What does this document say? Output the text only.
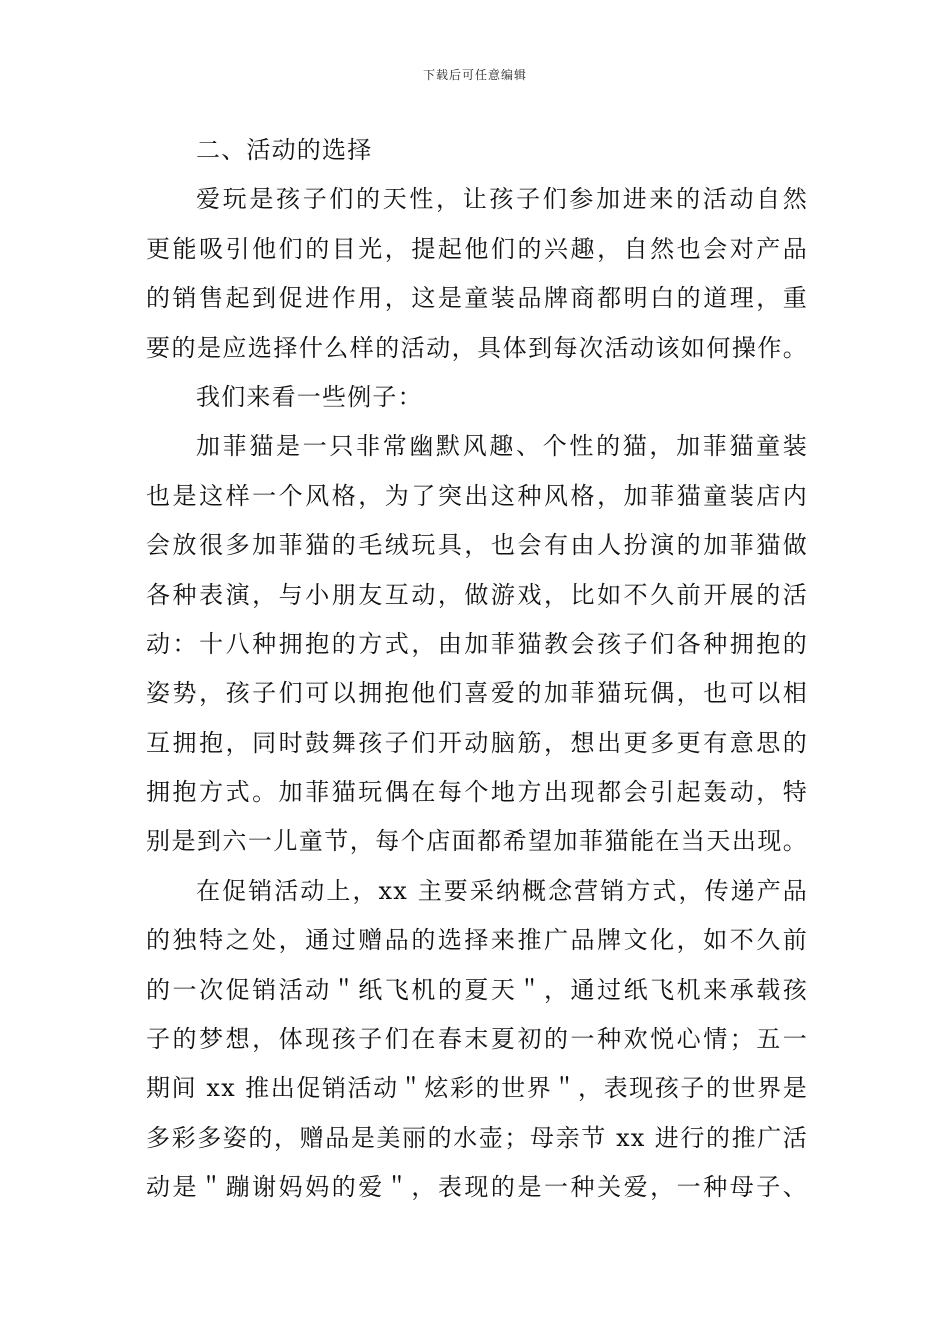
下载后可任意编辑
二、活动的选择
爱玩是孩子们的天性，让孩子们参加进来的活动自然
更能吸引他们的目光，提起他们的兴趣，自然也会对产品
的销售起到促进作用，这是童装品牌商都明白的道理，重
要的是应选择什么样的活动，具体到每次活动该如何操作。
我们来看一些例子：
加菲猫是一只非常幽默风趣、个性的猫，加菲猫童装
也是这样一个风格，为了突出这种风格，加菲猫童装店内
会放很多加菲猫的毛绒玩具，也会有由人扮演的加菲猫做
各种表演，与小朋友互动，做游戏，比如不久前开展的活
动：十八种拥抱的方式，由加菲猫教会孩子们各种拥抱的
姿势，孩子们可以拥抱他们喜爱的加菲猫玩偶，也可以相
互拥抱，同时鼓舞孩子们开动脑筋，想出更多更有意思的
拥抱方式。加菲猫玩偶在每个地方出现都会引起轰动，特
别是到六一儿童节，每个店面都希望加菲猫能在当天出现。
在促销活动上，xx 主要采纳概念营销方式，传递产品
的独特之处，通过赠品的选择来推广品牌文化，如不久前
的一次促销活动＂纸飞机的夏天＂，通过纸飞机来承载孩
子的梦想，体现孩子们在春末夏初的一种欢悦心情；五一
期间 xx 推出促销活动＂炫彩的世界＂，表现孩子的世界是
多彩多姿的，赠品是美丽的水壶；母亲节 xx 进行的推广活
动是＂蹦谢妈妈的爱＂，表现的是一种关爱，一种母子、
